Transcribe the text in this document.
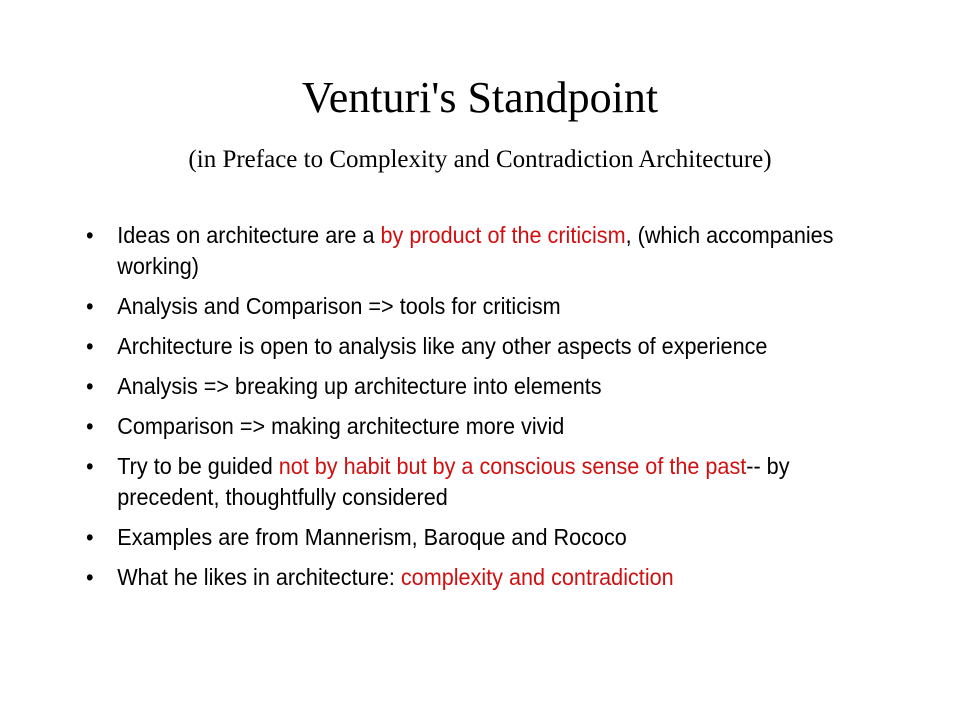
Venturi's Standpoint
(in Preface to Complexity and Contradiction Architecture)
• Ideas on architecture are a by product of the criticism, (which accompanies working)
• Analysis and Comparison => tools for criticism
• Architecture is open to analysis like any other aspects of experience
• Analysis => breaking up architecture into elements
• Comparison => making architecture more vivid
• Try to be guided not by habit but by a conscious sense of the past-- by precedent, thoughtfully considered
• Examples are from Mannerism, Baroque and Rococo
• What he likes in architecture: complexity and contradiction
